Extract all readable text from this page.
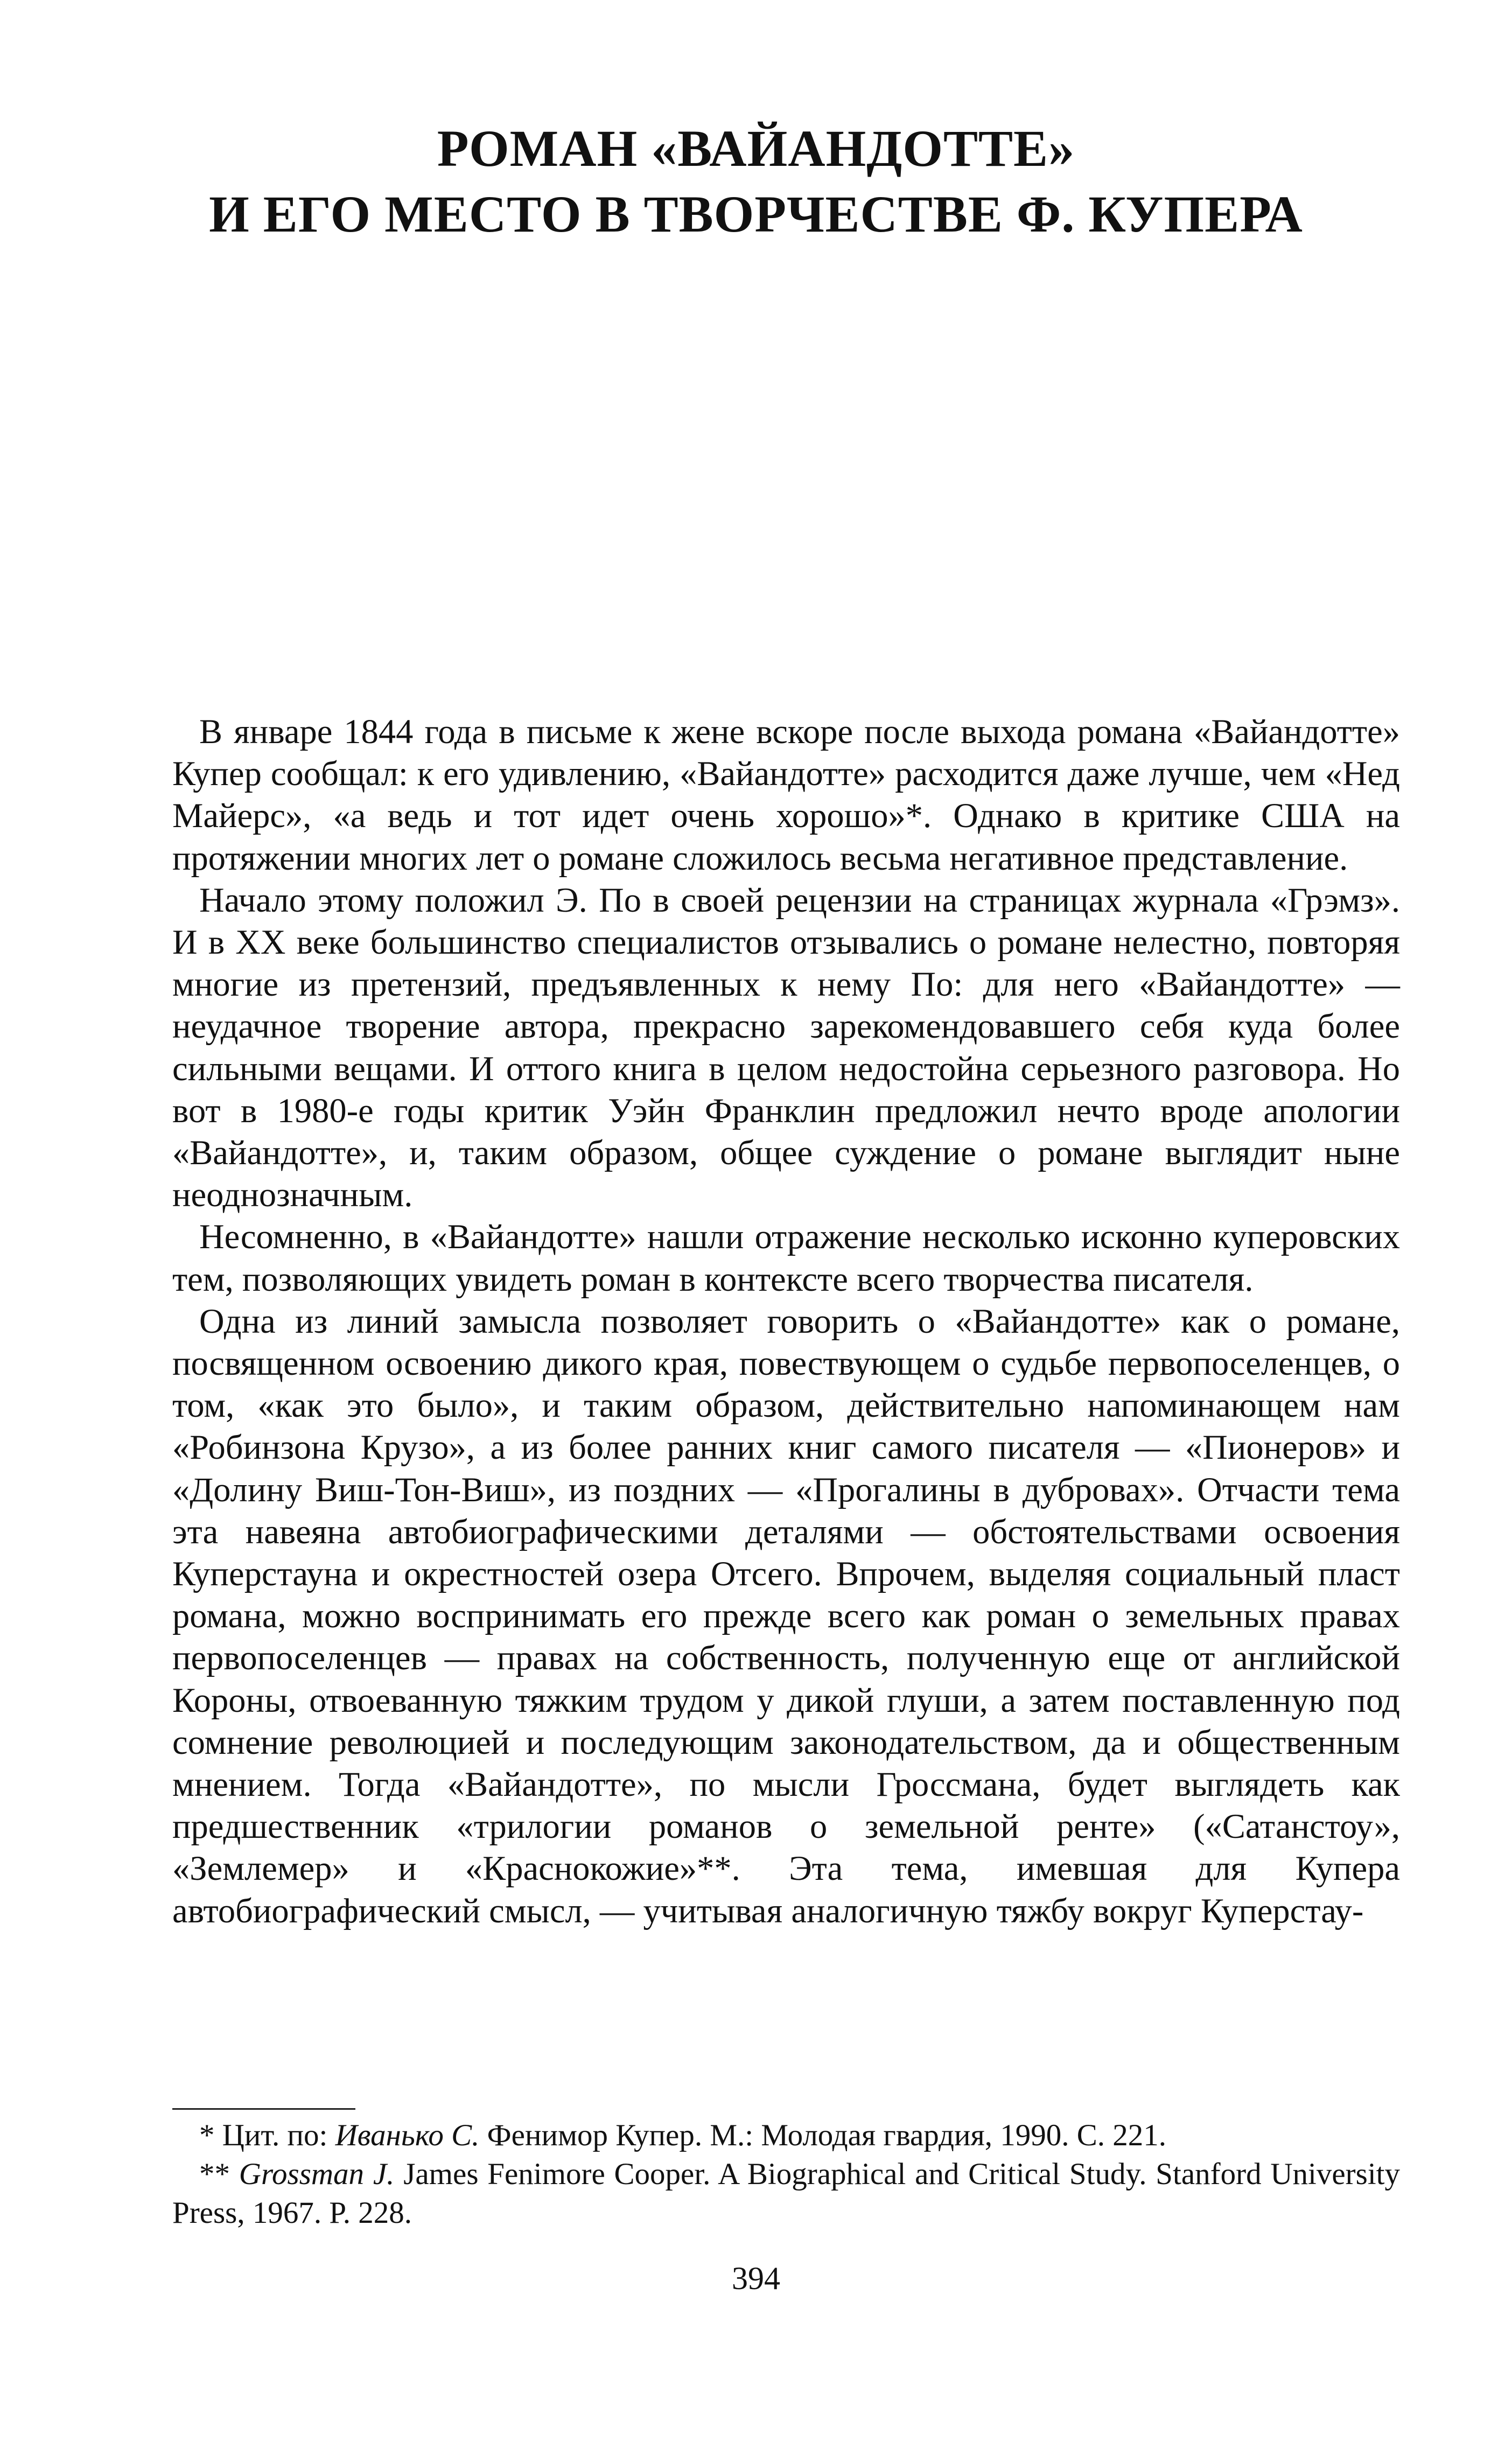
РОМАН «ВАЙАНДОТТЕ»
И ЕГО МЕСТО В ТВОРЧЕСТВЕ Ф. КУПЕРА

В январе 1844 года в письме к жене вскоре после выхода романа «Вайандотте» Купер сообщал: к его удивлению, «Вайандотте» расходится даже лучше, чем «Нед Майерс», «а ведь и тот идет очень хорошо»*. Однако в критике США на протяжении многих лет о романе сложилось весьма негативное представление.

Начало этому положил Э. По в своей рецензии на страницах журнала «Грэмз». И в XX веке большинство специалистов отзывались о романе нелестно, повторяя многие из претензий, предъявленных к нему По: для него «Вайандотте» — неудачное творение автора, прекрасно зарекомендовавшего себя куда более сильными вещами. И оттого книга в целом недостойна серьезного разговора. Но вот в 1980-е годы критик Уэйн Франклин предложил нечто вроде апологии «Вайандотте», и, таким образом, общее суждение о романе выглядит ныне неоднозначным.

Несомненно, в «Вайандотте» нашли отражение несколько исконно куперовских тем, позволяющих увидеть роман в контексте всего творчества писателя.

Одна из линий замысла позволяет говорить о «Вайандотте» как о романе, посвященном освоению дикого края, повествующем о судьбе первопоселенцев, о том, «как это было», и таким образом, действительно напоминающем нам «Робинзона Крузо», а из более ранних книг самого писателя — «Пионеров» и «Долину Виш-Тон-Виш», из поздних — «Прогалины в дубровах». Отчасти тема эта навеяна автобиографическими деталями — обстоятельствами освоения Куперстауна и окрестностей озера Отсего. Впрочем, выделяя социальный пласт романа, можно воспринимать его прежде всего как роман о земельных правах первопоселенцев — правах на собственность, полученную еще от английской Короны, отвоеванную тяжким трудом у дикой глуши, а затем поставленную под сомнение революцией и последующим законодательством, да и общественным мнением. Тогда «Вайандотте», по мысли Гроссмана, будет выглядеть как предшественник «трилогии романов о земельной ренте» («Сатанстоу», «Землемер» и «Краснокожие»**. Эта тема, имевшая для Купера автобиографический смысл, — учитывая аналогичную тяжбу вокруг Куперстау-

* Цит. по: Иванько С. Фенимор Купер. М.: Молодая гвардия, 1990. С. 221.

** Grossman J. James Fenimore Cooper. A Biographical and Critical Study. Stanford University Press, 1967. P. 228.

394
